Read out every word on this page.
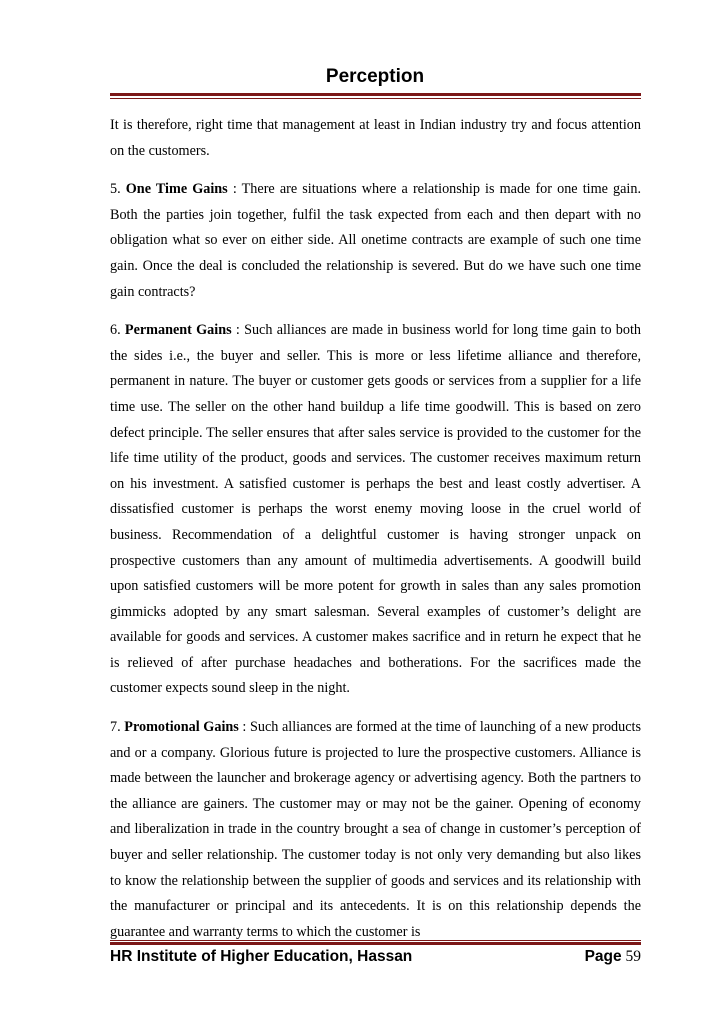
Perception

It is therefore, right time that management at least in Indian industry try and focus attention on the customers.

5. One Time Gains : There are situations where a relationship is made for one time gain. Both the parties join together, fulfil the task expected from each and then depart with no obligation what so ever on either side. All onetime contracts are example of such one time gain. Once the deal is concluded the relationship is severed. But do we have such one time gain contracts?

6. Permanent Gains : Such alliances are made in business world for long time gain to both the sides i.e., the buyer and seller. This is more or less lifetime alliance and therefore, permanent in nature. The buyer or customer gets goods or services from a supplier for a life time use. The seller on the other hand buildup a life time goodwill. This is based on zero defect principle. The seller ensures that after sales service is provided to the customer for the life time utility of the product, goods and services. The customer receives maximum return on his investment. A satisfied customer is perhaps the best and least costly advertiser. A dissatisfied customer is perhaps the worst enemy moving loose in the cruel world of business. Recommendation of a delightful customer is having stronger unpack on prospective customers than any amount of multimedia advertisements. A goodwill build upon satisfied customers will be more potent for growth in sales than any sales promotion gimmicks adopted by any smart salesman. Several examples of customer’s delight are available for goods and services. A customer makes sacrifice and in return he expect that he is relieved of after purchase headaches and botherations. For the sacrifices made the customer expects sound sleep in the night.

7. Promotional Gains : Such alliances are formed at the time of launching of a new products and or a company. Glorious future is projected to lure the prospective customers. Alliance is made between the launcher and brokerage agency or advertising agency. Both the partners to the alliance are gainers. The customer may or may not be the gainer. Opening of economy and liberalization in trade in the country brought a sea of change in customer’s perception of buyer and seller relationship. The customer today is not only very demanding but also likes to know the relationship between the supplier of goods and services and its relationship with the manufacturer or principal and its antecedents. It is on this relationship depends the guarantee and warranty terms to which the customer is

HR Institute of Higher Education, Hassan	Page 59
